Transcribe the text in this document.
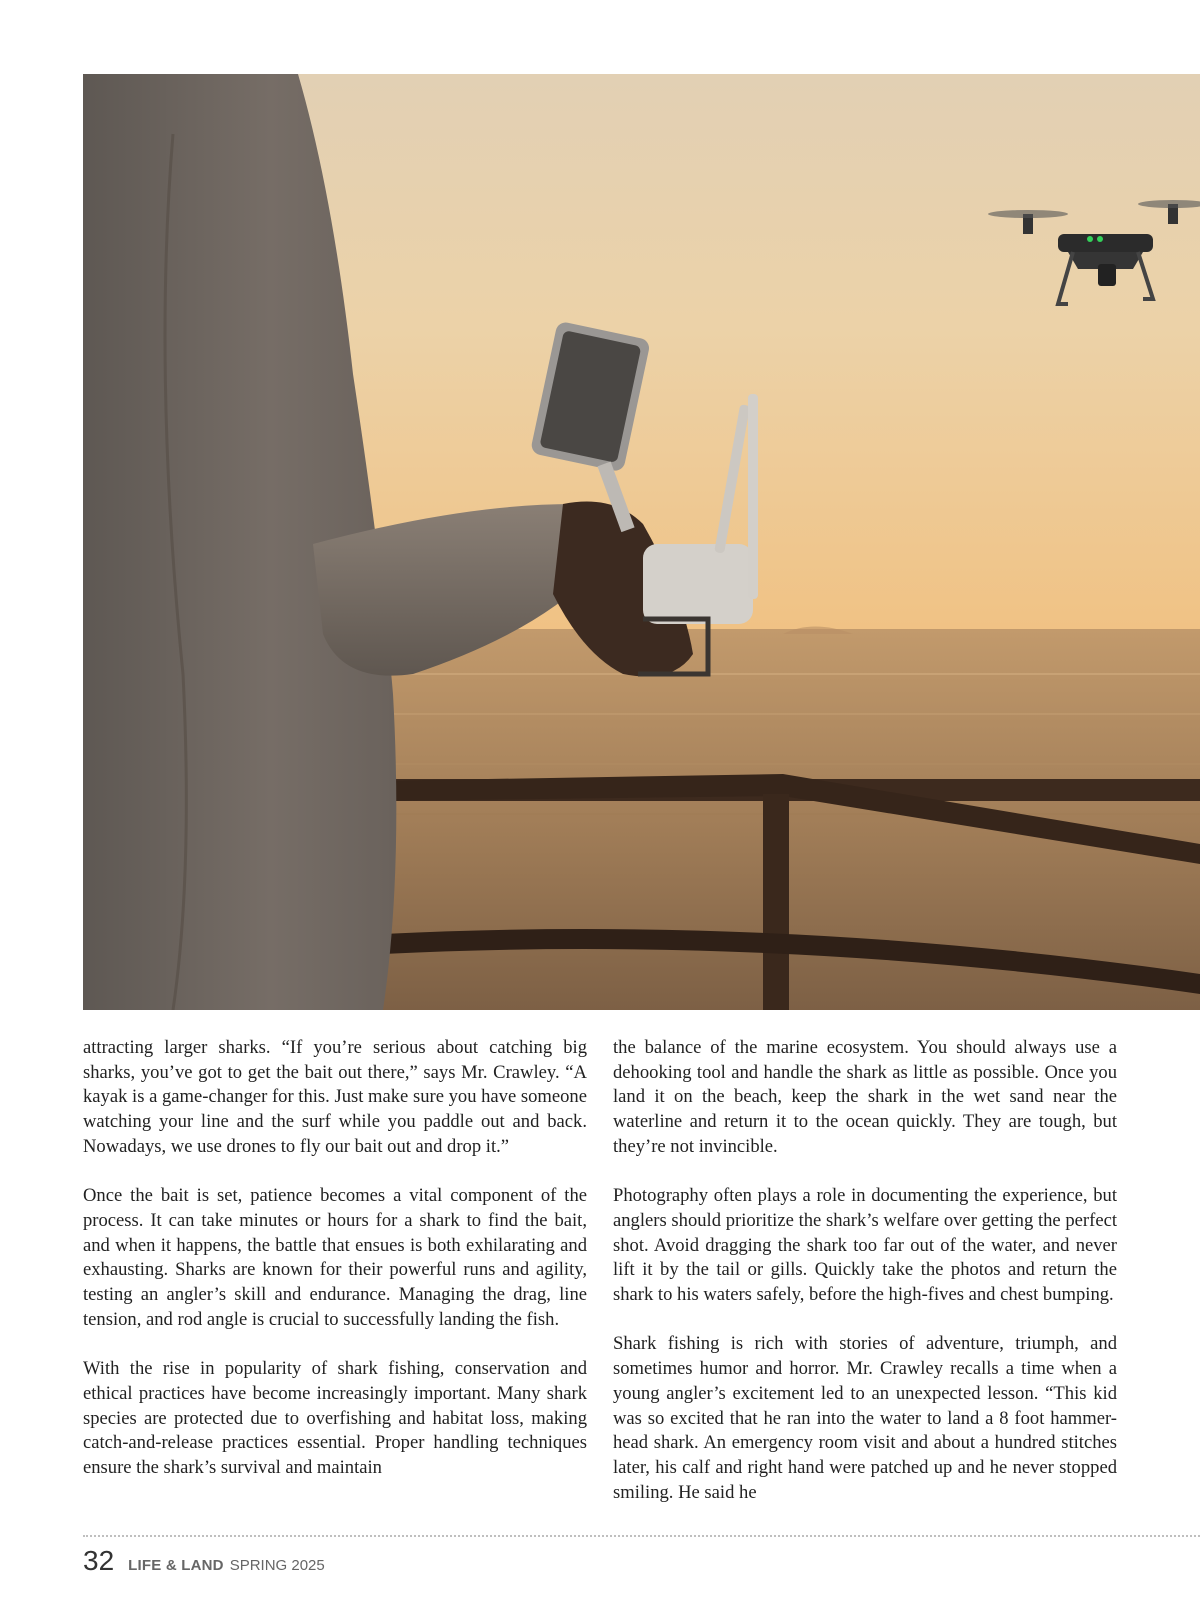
attracting larger sharks. “If you’re serious about catching big sharks, you’ve got to get the bait out there,” says Mr. Crawley. “A kayak is a game-changer for this. Just make sure you have someone watching your line and the surf while you paddle out and back. Nowadays, we use drones to fly our bait out and drop it.”

Once the bait is set, patience becomes a vital component of the process. It can take minutes or hours for a shark to find the bait, and when it happens, the battle that ensues is both exhilarating and exhausting. Sharks are known for their powerful runs and agility, testing an angler’s skill and endurance. Managing the drag, line tension, and rod angle is crucial to successfully landing the fish.

With the rise in popularity of shark fishing, conservation and ethical practices have become increasingly important. Many shark species are protected due to overfishing and habitat loss, making catch-and-release practices essential. Proper handling techniques ensure the shark’s survival and maintain

the balance of the marine ecosystem. You should always use a dehooking tool and handle the shark as little as possible. Once you land it on the beach, keep the shark in the wet sand near the waterline and return it to the ocean quickly. They are tough, but they’re not invincible.

Photography often plays a role in documenting the experience, but anglers should prioritize the shark’s welfare over getting the perfect shot. Avoid dragging the shark too far out of the water, and never lift it by the tail or gills. Quickly take the photos and return the shark to his waters safely, before the high-fives and chest bumping.

Shark fishing is rich with stories of adventure, triumph, and sometimes humor and horror. Mr. Crawley recalls a time when a young angler’s excitement led to an unexpected lesson. “This kid was so excited that he ran into the water to land a 8 foot hammer-head shark. An emergency room visit and about a hundred stitches later, his calf and right hand were patched up and he never stopped smiling. He said he

32 LIFE & LAND SPRING 2025
